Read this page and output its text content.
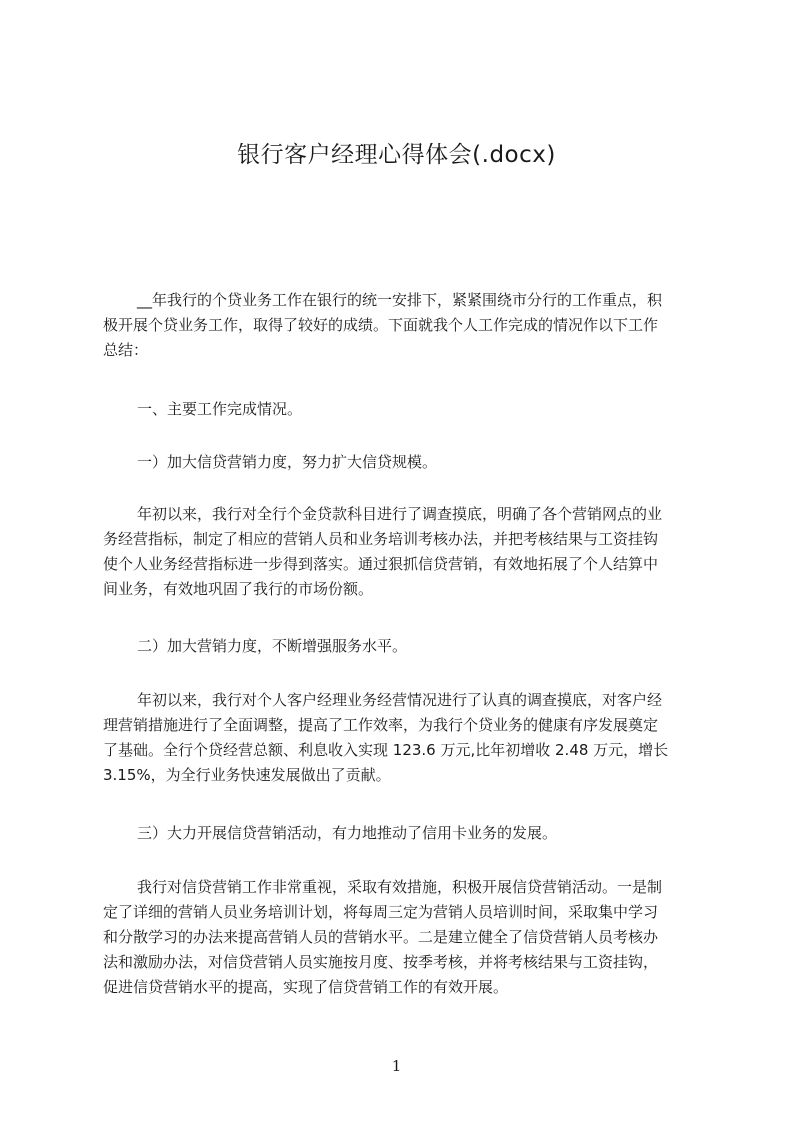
银行客户经理心得体会(.docx)
__年我行的个贷业务工作在银行的统一安排下，紧紧围绕市分行的工作重点，积
极开展个贷业务工作，取得了较好的成绩。下面就我个人工作完成的情况作以下工作
总结：
一、主要工作完成情况。
一）加大信贷营销力度，努力扩大信贷规模。
年初以来，我行对全行个金贷款科目进行了调查摸底，明确了各个营销网点的业
务经营指标，制定了相应的营销人员和业务培训考核办法，并把考核结果与工资挂钩
使个人业务经营指标进一步得到落实。通过狠抓信贷营销，有效地拓展了个人结算中
间业务，有效地巩固了我行的市场份额。
二）加大营销力度，不断增强服务水平。
年初以来，我行对个人客户经理业务经营情况进行了认真的调查摸底，对客户经
理营销措施进行了全面调整，提高了工作效率，为我行个贷业务的健康有序发展奠定
了基础。全行个贷经营总额、利息收入实现 123.6 万元,比年初增收 2.48 万元，增长
3.15%，为全行业务快速发展做出了贡献。
三）大力开展信贷营销活动，有力地推动了信用卡业务的发展。
我行对信贷营销工作非常重视，采取有效措施，积极开展信贷营销活动。一是制
定了详细的营销人员业务培训计划，将每周三定为营销人员培训时间，采取集中学习
和分散学习的办法来提高营销人员的营销水平。二是建立健全了信贷营销人员考核办
法和激励办法，对信贷营销人员实施按月度、按季考核，并将考核结果与工资挂钩，
促进信贷营销水平的提高，实现了信贷营销工作的有效开展。
1
